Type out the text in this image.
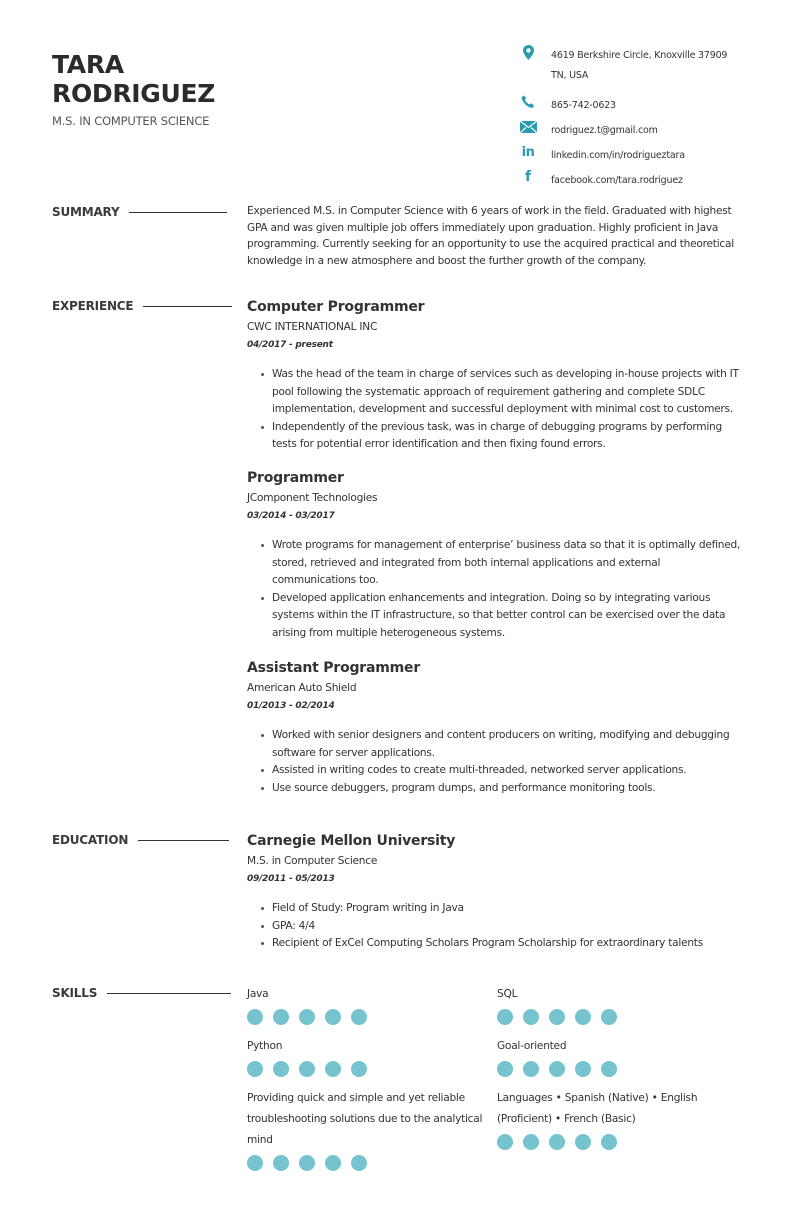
TARA
RODRIGUEZ
M.S. IN COMPUTER SCIENCE
4619 Berkshire Circle, Knoxville 37909
TN, USA
865-742-0623
rodriguez.t@gmail.com
in	linkedin.com/in/rodrigueztara
f	facebook.com/tara.rodriguez
SUMMARY	Experienced M.S. in Computer Science with 6 years of work in the field. Graduated with highest GPA and was given multiple job offers immediately upon graduation. Highly proficient in Java programming. Currently seeking for an opportunity to use the acquired practical and theoretical knowledge in a new atmosphere and boost the further growth of the company.
EXPERIENCE	Computer Programmer
CWC INTERNATIONAL INC
04/2017 - present
Was the head of the team in charge of services such as developing in-house projects with IT pool following the systematic approach of requirement gathering and complete SDLC implementation, development and successful deployment with minimal cost to customers.
Independently of the previous task, was in charge of debugging programs by performing tests for potential error identification and then fixing found errors.
Programmer
JComponent Technologies
03/2014 - 03/2017
Wrote programs for management of enterprise’ business data so that it is optimally defined, stored, retrieved and integrated from both internal applications and external communications too.
Developed application enhancements and integration. Doing so by integrating various systems within the IT infrastructure, so that better control can be exercised over the data arising from multiple heterogeneous systems.
Assistant Programmer
American Auto Shield
01/2013 - 02/2014
Worked with senior designers and content producers on writing, modifying and debugging software for server applications.
Assisted in writing codes to create multi-threaded, networked server applications.
Use source debuggers, program dumps, and performance monitoring tools.
EDUCATION	Carnegie Mellon University
M.S. in Computer Science
09/2011 - 05/2013
Field of Study: Program writing in Java
GPA: 4/4
Recipient of ExCel Computing Scholars Program Scholarship for extraordinary talents
SKILLS	Java	SQL
Python	Goal-oriented
Providing quick and simple and yet reliable troubleshooting solutions due to the analytical mind
Languages • Spanish (Native) • English (Proficient) • French (Basic)
